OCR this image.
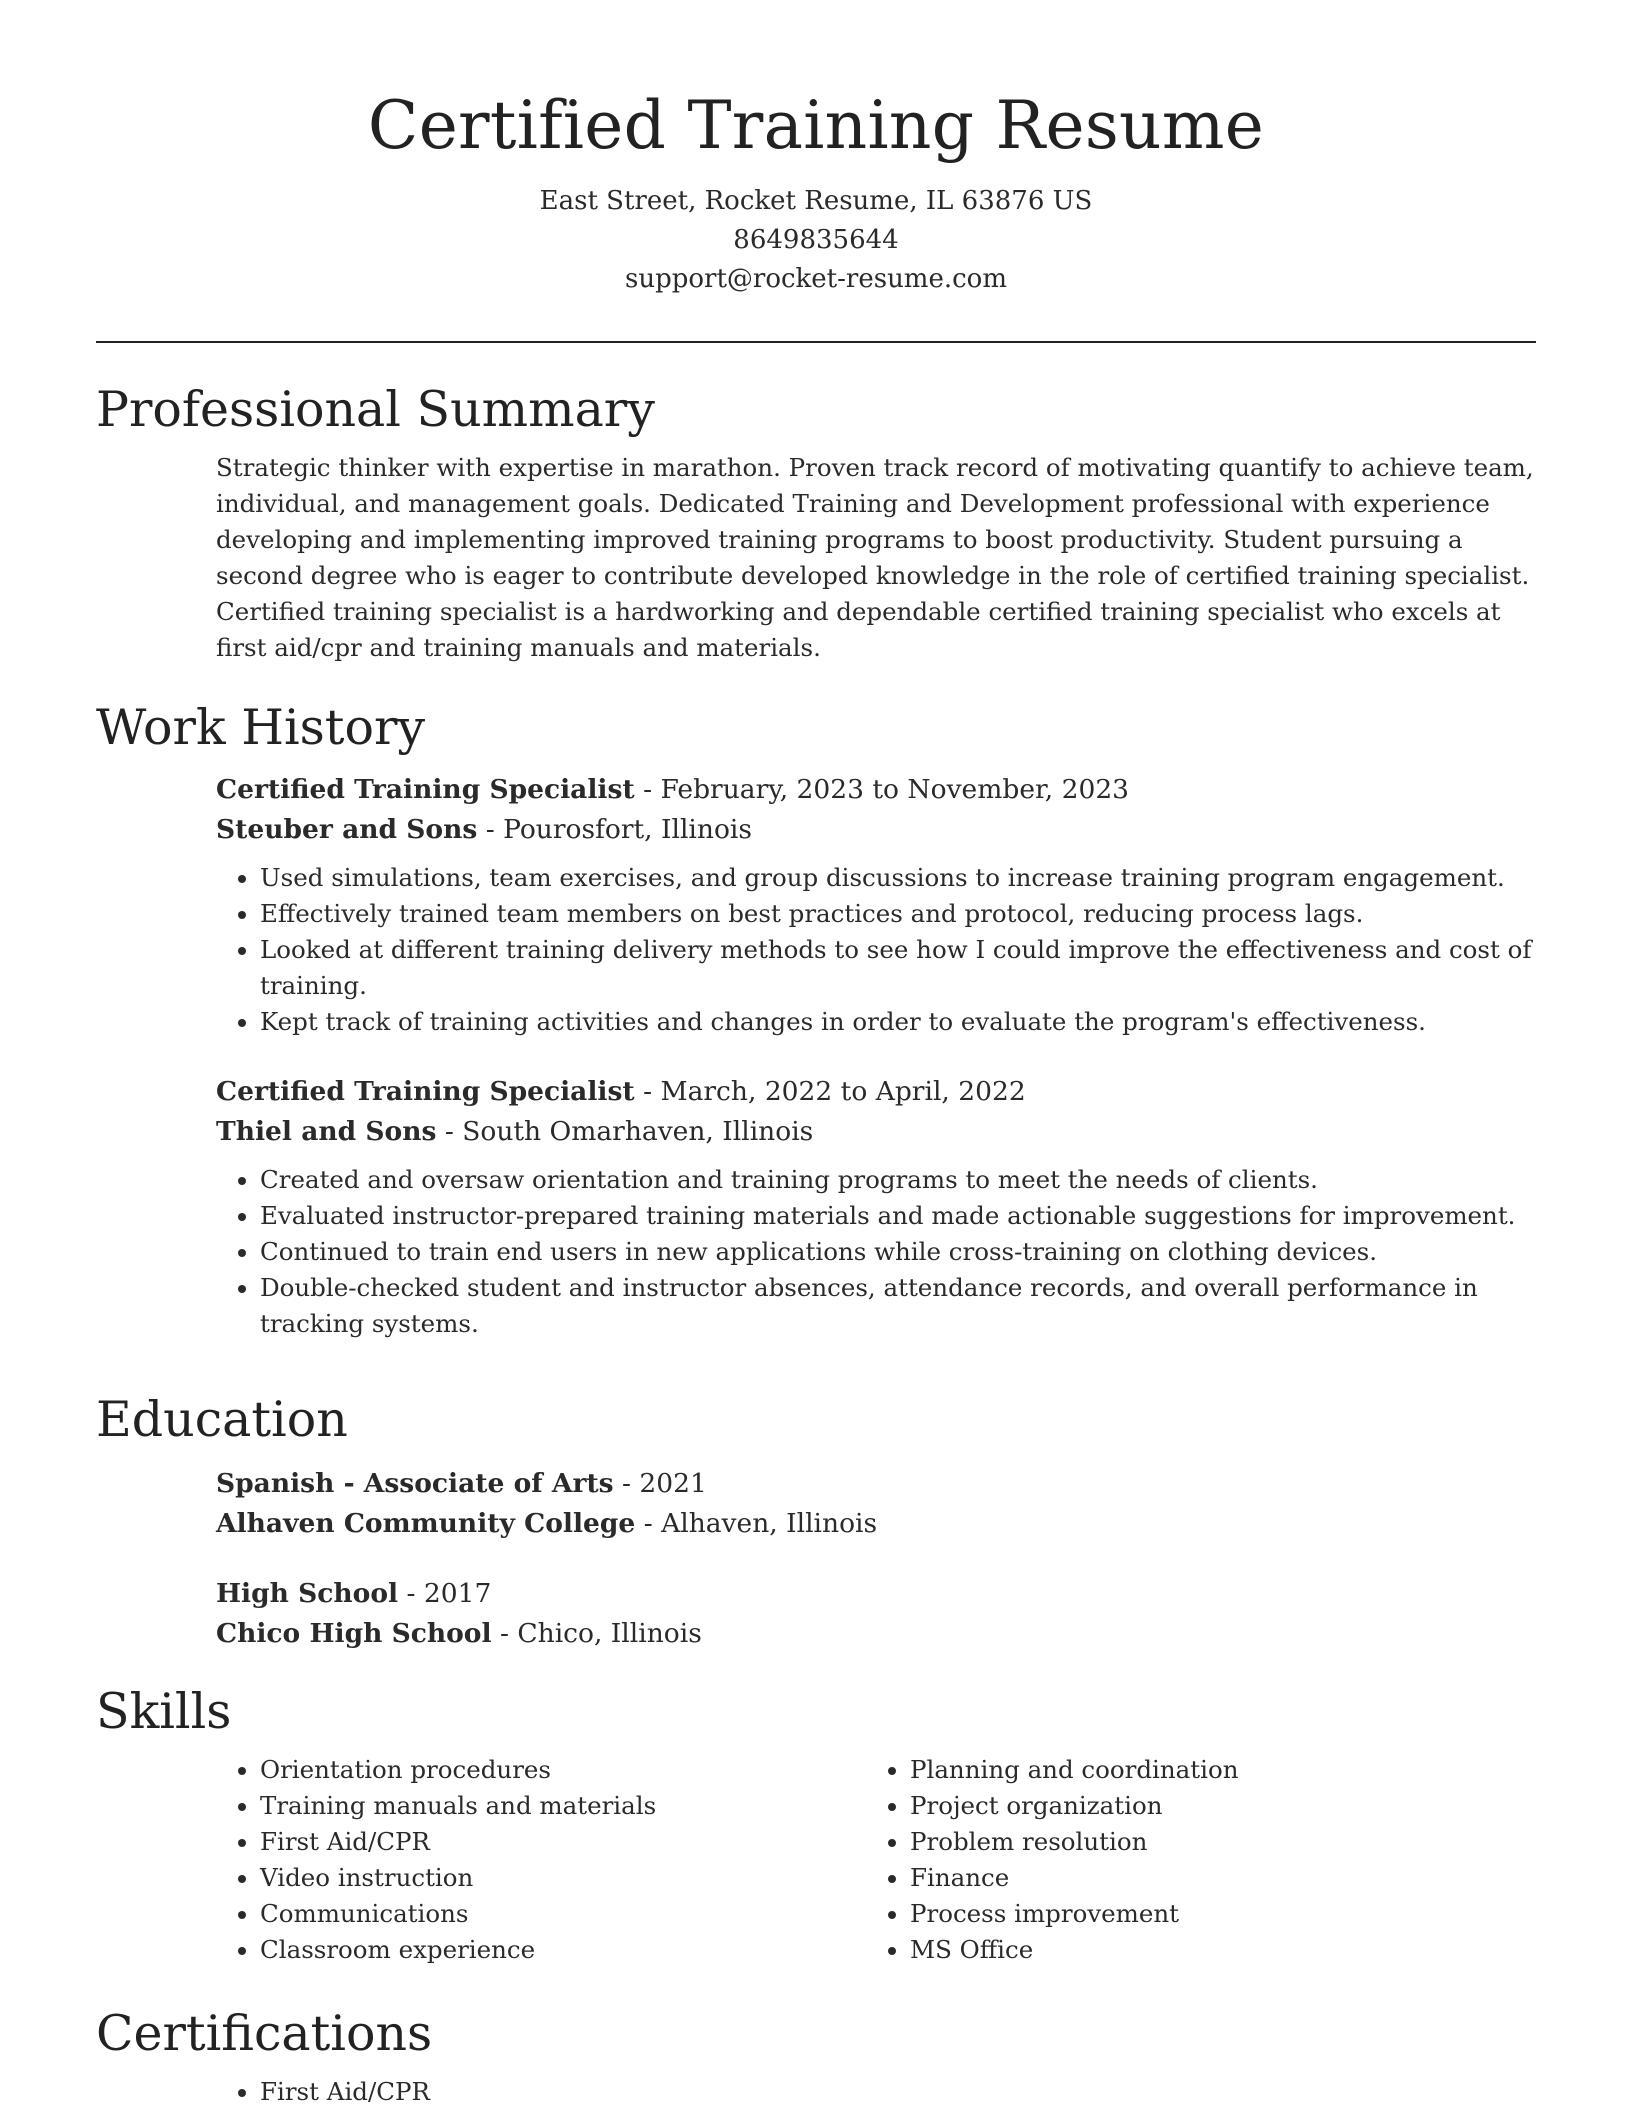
Certified Training Resume
East Street, Rocket Resume, IL 63876 US
8649835644
support@rocket-resume.com
Professional Summary

Strategic thinker with expertise in marathon. Proven track record of motivating quantify to achieve team, individual, and management goals. Dedicated Training and Development professional with experience developing and implementing improved training programs to boost productivity. Student pursuing a second degree who is eager to contribute developed knowledge in the role of certified training specialist. Certified training specialist is a hardworking and dependable certified training specialist who excels at first aid/cpr and training manuals and materials.

Work History
Certified Training Specialist - February, 2023 to November, 2023
Steuber and Sons - Pourosfort, Illinois
• Used simulations, team exercises, and group discussions to increase training program engagement.
• Effectively trained team members on best practices and protocol, reducing process lags.
• Looked at different training delivery methods to see how I could improve the effectiveness and cost of training.
• Kept track of training activities and changes in order to evaluate the program's effectiveness.
Certified Training Specialist - March, 2022 to April, 2022
Thiel and Sons - South Omarhaven, Illinois
• Created and oversaw orientation and training programs to meet the needs of clients.
• Evaluated instructor-prepared training materials and made actionable suggestions for improvement.
• Continued to train end users in new applications while cross-training on clothing devices.
• Double-checked student and instructor absences, attendance records, and overall performance in tracking systems.
Education
Spanish - Associate of Arts - 2021
Alhaven Community College - Alhaven, Illinois
High School - 2017
Chico High School - Chico, Illinois
Skills
• Orientation procedures
• Training manuals and materials
• First Aid/CPR
• Video instruction
• Communications
• Classroom experience
• Planning and coordination
• Project organization
• Problem resolution
• Finance
• Process improvement
• MS Office
Certifications
• First Aid/CPR
